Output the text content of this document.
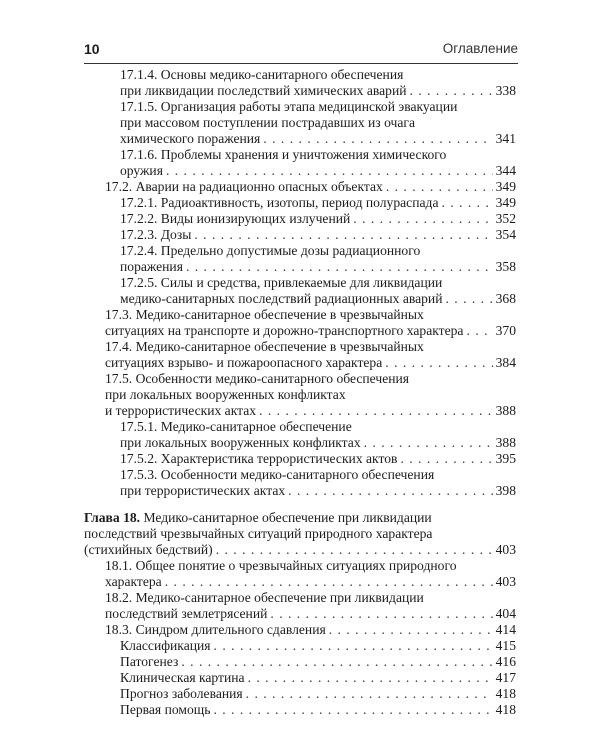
10	Оглавление
17.1.4. Основы медико-санитарного обеспечения
при ликвидации последствий химических аварий . . .	338
17.1.5. Организация работы этапа медицинской эвакуации
при массовом поступлении пострадавших из очага
химического поражения . . .	341
17.1.6. Проблемы хранения и уничтожения химического
оружия . . .	344
17.2. Аварии на радиационно опасных объектах . . .	349
17.2.1. Радиоактивность, изотопы, период полураспада . . .	349
17.2.2. Виды ионизирующих излучений . . .	352
17.2.3. Дозы . . .	354
17.2.4. Предельно допустимые дозы радиационного
поражения . . .	358
17.2.5. Силы и средства, привлекаемые для ликвидации
медико-санитарных последствий радиационных аварий . . .	368
17.3. Медико-санитарное обеспечение в чрезвычайных
ситуациях на транспорте и дорожно-транспортного характера . . . 370
17.4. Медико-санитарное обеспечение в чрезвычайных
ситуациях взрыво- и пожароопасного характера . . .	384
17.5. Особенности медико-санитарного обеспечения
при локальных вооруженных конфликтах
и террористических актах . . .	388
17.5.1. Медико-санитарное обеспечение
при локальных вооруженных конфликтах . . .	388
17.5.2. Характеристика террористических актов . . .	395
17.5.3. Особенности медико-санитарного обеспечения
при террористических актах . . .	398
Глава 18. Медико-санитарное обеспечение при ликвидации
последствий чрезвычайных ситуаций природного характера
(стихийных бедствий) . . .	403
18.1. Общее понятие о чрезвычайных ситуациях природного
характера . . .	403
18.2. Медико-санитарное обеспечение при ликвидации
последствий землетрясений . . .	404
18.3. Синдром длительного сдавления . . .	414
Классификация . . .	415
Патогенез . . .	416
Клиническая картина . . .	417
Прогноз заболевания . . .	418
Первая помощь . . .	418
